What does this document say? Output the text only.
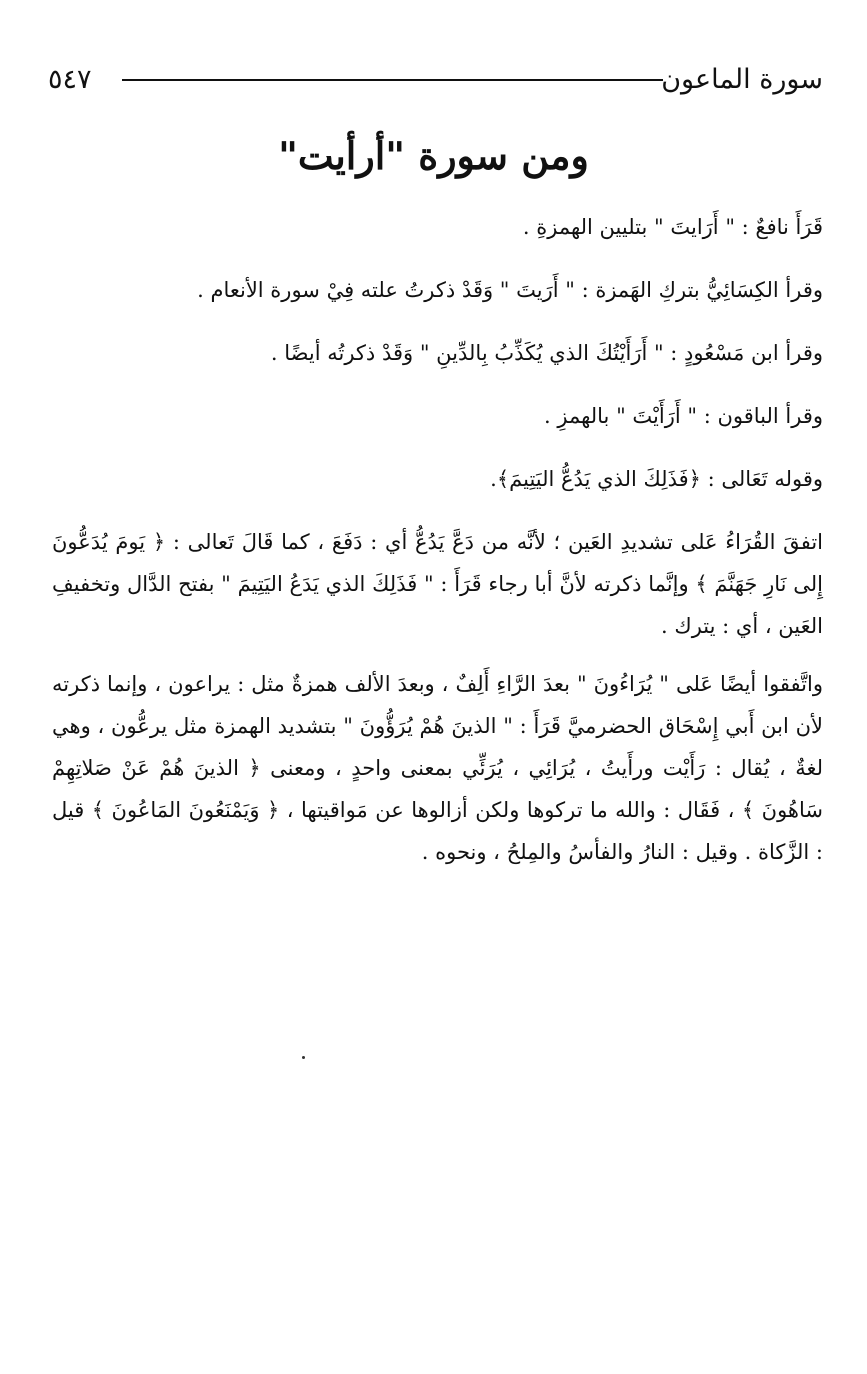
سورة الماعون
٥٤٧
ومن سورة "أرأيت"

قَرَأَ نافعٌ : " أَرَايتَ " بتليين الهمزةِ .

وقرأ الكِسَائِيُّ بتركِ الهَمزة : " أَرَيتَ " وَقَدْ ذكرتُ علته فِيْ سورة الأنعام .

وقرأ ابن مَسْعُودٍ : " أَرَأَيْتُكَ الذي يُكَذِّبُ بِالدِّينِ " وَقَدْ ذكرتُه أيضًا .

وقرأ الباقون : " أَرَأَيْتَ " بالهمزِ .

وقوله تَعَالى : ﴿فَذَلِكَ الذي يَدُعُّ اليَتِيمَ﴾.

اتفقَ القُرَاءُ عَلى تشديدِ العَين ؛ لأنَّه من دَعَّ يَدُعُّ أي : دَفَعَ ، كما قَالَ تَعالى : ﴿ يَومَ يُدَعُّونَ إِلى نَارِ جَهَنَّمَ ﴾ وإنَّما ذكرته لأنَّ أبا رجاء قَرَأَ : " فَذَلِكَ الذي يَدَعُ اليَتِيمَ " بفتح الدَّال وتخفيفِ العَين ، أي : يترك .

واتَّفقوا أيضًا عَلى " يُرَاءُونَ " بعدَ الرَّاءِ أَلِفٌ ، وبعدَ الألف همزةٌ مثل : يراعون ، وإنما ذكرته لأن ابن أَبي إِسْحَاق الحضرميَّ قَرَأَ : " الذينَ هُمْ يُرَؤُّونَ " بتشديد الهمزة مثل يرعُّون ، وهي لغةٌ ، يُقال : رَأَيْت ورأَيتُ ، يُرَائِي ، يُرَئِّي بمعنى واحدٍ ، ومعنى ﴿ الذينَ هُمْ عَنْ صَلاتِهِمْ سَاهُونَ ﴾ ، فَقَال : والله ما تركوها ولكن أزالوها عن مَواقيتها ، ﴿ وَيَمْنَعُونَ المَاعُونَ ﴾ قيل : الزَّكاة . وقيل : النارُ والفأسُ والمِلحُ ، ونحوه .
